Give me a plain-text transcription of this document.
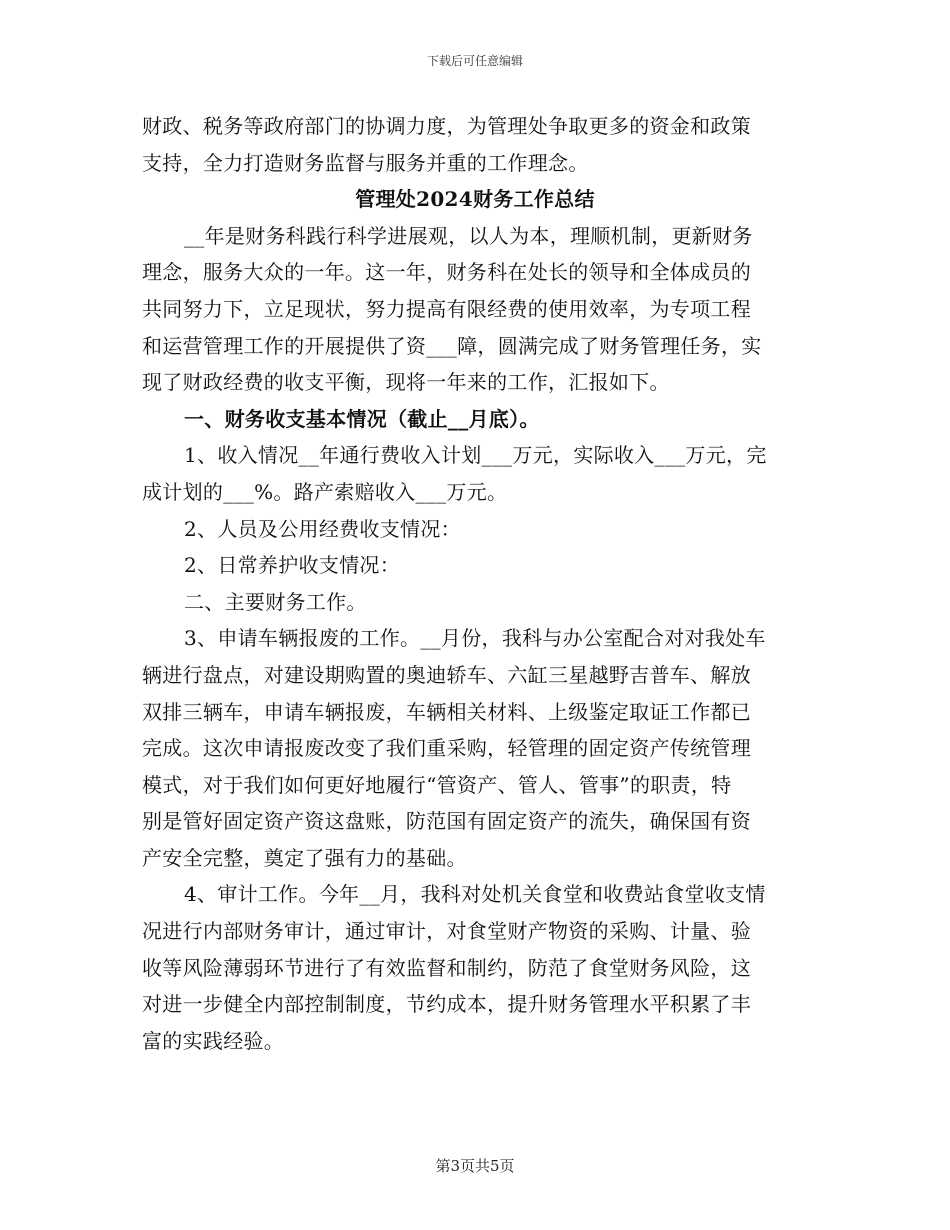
下载后可任意编辑
财政、税务等政府部门的协调力度，为管理处争取更多的资金和政策
支持，全力打造财务监督与服务并重的工作理念。
管理处2024财务工作总结
__年是财务科践行科学进展观，以人为本，理顺机制，更新财务
理念，服务大众的一年。这一年，财务科在处长的领导和全体成员的
共同努力下，立足现状，努力提高有限经费的使用效率，为专项工程
和运营管理工作的开展提供了资___障，圆满完成了财务管理任务，实
现了财政经费的收支平衡，现将一年来的工作，汇报如下。
一、财务收支基本情况（截止__月底）。
1、收入情况__年通行费收入计划___万元，实际收入___万元，完
成计划的___%。路产索赔收入___万元。
2、人员及公用经费收支情况：
2、日常养护收支情况：
二、主要财务工作。
3、申请车辆报废的工作。__月份，我科与办公室配合对对我处车
辆进行盘点，对建设期购置的奥迪轿车、六缸三星越野吉普车、解放
双排三辆车，申请车辆报废，车辆相关材料、上级鉴定取证工作都已
完成。这次申请报废改变了我们重采购，轻管理的固定资产传统管理
模式，对于我们如何更好地履行“管资产、管人、管事”的职责，特
别是管好固定资产资这盘账，防范国有固定资产的流失，确保国有资
产安全完整，奠定了强有力的基础。
4、审计工作。今年__月，我科对处机关食堂和收费站食堂收支情
况进行内部财务审计，通过审计，对食堂财产物资的采购、计量、验
收等风险薄弱环节进行了有效监督和制约，防范了食堂财务风险，这
对进一步健全内部控制制度，节约成本，提升财务管理水平积累了丰
富的实践经验。
第3页共5页
